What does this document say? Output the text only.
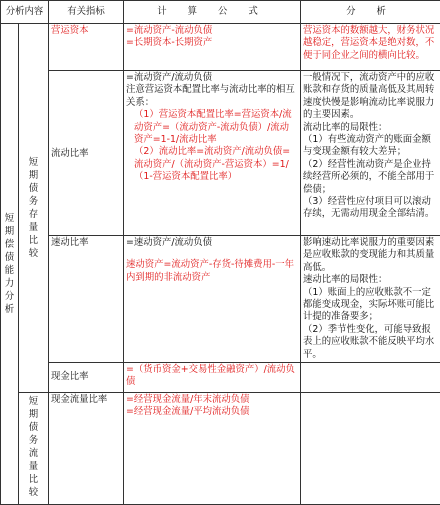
分析内容		有关指标	计 算 公 式	分 析

短期偿债能力分析	短期债务存量比较	营运资本	=流动资产-流动负债
=长期资本-长期资产	营运资本的数额越大，财务状况越稳定，营运资本是绝对数，不便于同企业之间的横向比较。
		流动比率	=流动资产/流动负债
注意营运资本配置比率与流动比率的相互关系：
（1）营运资本配置比率=营运资本/流动资产=（流动资产-流动负债）/流动资产=1-1/流动比率
（2）流动比率=流动资产/流动负债=流动资产/（流动资产-营运资本）=1/（1-营运资本配置比率）	一般情况下，流动资产中的应收账款和存货的质量高低及其周转速度快慢是影响流动比率说服力的主要因素。
流动比率的局限性：
（1）有些流动资产的账面金额与变现金额有较大差异；
（2）经营性流动资产是企业持续经营所必须的，不能全部用于偿债；
（3）经营性应付项目可以滚动存续，无需动用现金全部结清。

		速动比率	=速动资产/流动负债
速动资产=流动资产-存货-待摊费用-一年内到期的非流动资产	影响速动比率说服力的重要因素是应收账款的变现能力和其质量高低。
速动比率的局限性：
（1）账面上的应收账款不一定都能变成现金，实际坏账可能比计提的准备要多；
（2）季节性变化，可能导致报表上的应收账款不能反映平均水平。

		现金比率	=（货币资金+交易性金融资产）/流动负债	

	短期债务流量比较	现金流量比率	=经营现金流量/年末流动负债
=经营现金流量/平均流动负债	
